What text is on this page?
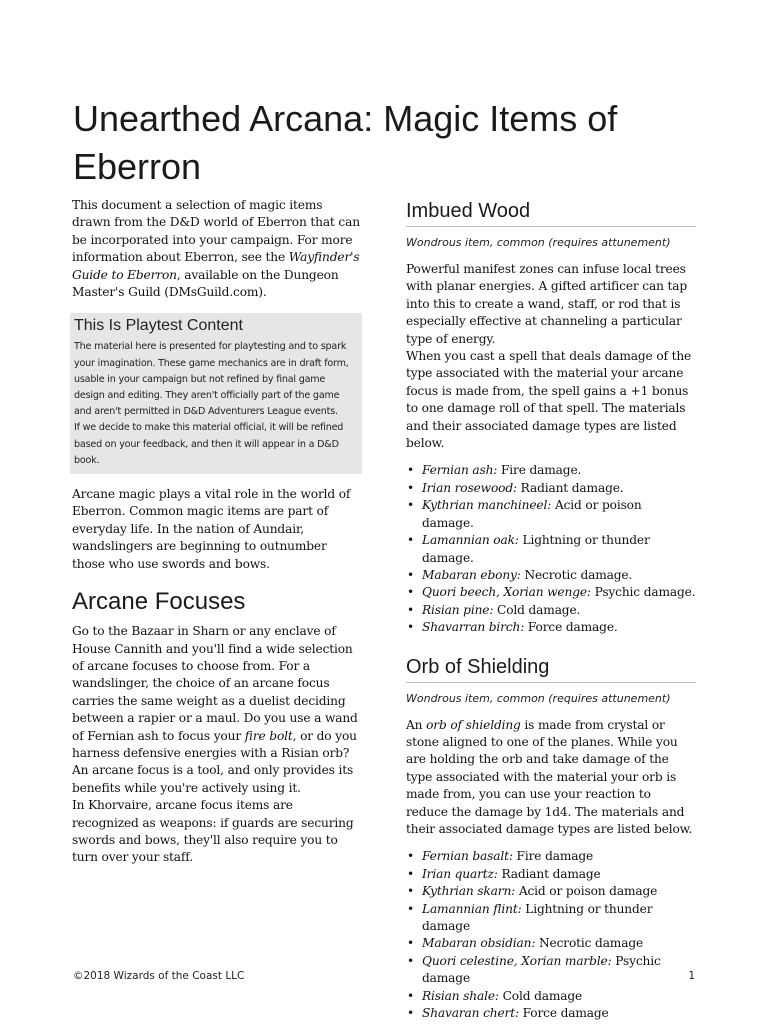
Unearthed Arcana: Magic Items of Eberron

This document a selection of magic items drawn from the D&D world of Eberron that can be incorporated into your campaign. For more information about Eberron, see the Wayfinder's Guide to Eberron, available on the Dungeon Master's Guild (DMsGuild.com).

This Is Playtest Content

The material here is presented for playtesting and to spark your imagination. These game mechanics are in draft form, usable in your campaign but not refined by final game design and editing. They aren't officially part of the game and aren't permitted in D&D Adventurers League events.

If we decide to make this material official, it will be refined based on your feedback, and then it will appear in a D&D book.

Arcane magic plays a vital role in the world of Eberron. Common magic items are part of everyday life. In the nation of Aundair, wandslingers are beginning to outnumber those who use swords and bows.

Arcane Focuses

Go to the Bazaar in Sharn or any enclave of House Cannith and you'll find a wide selection of arcane focuses to choose from. For a wandslinger, the choice of an arcane focus carries the same weight as a duelist deciding between a rapier or a maul. Do you use a wand of Fernian ash to focus your fire bolt, or do you harness defensive energies with a Risian orb? An arcane focus is a tool, and only provides its benefits while you're actively using it.

In Khorvaire, arcane focus items are recognized as weapons: if guards are securing swords and bows, they'll also require you to turn over your staff.

Imbued Wood

Wondrous item, common (requires attunement)

Powerful manifest zones can infuse local trees with planar energies. A gifted artificer can tap into this to create a wand, staff, or rod that is especially effective at channeling a particular type of energy.

When you cast a spell that deals damage of the type associated with the material your arcane focus is made from, the spell gains a +1 bonus to one damage roll of that spell. The materials and their associated damage types are listed below.

• Fernian ash: Fire damage.
• Irian rosewood: Radiant damage.
• Kythrian manchineel: Acid or poison damage.
• Lamannian oak: Lightning or thunder damage.
• Mabaran ebony: Necrotic damage.
• Quori beech, Xorian wenge: Psychic damage.
• Risian pine: Cold damage.
• Shavarran birch: Force damage.
Orb of Shielding

Wondrous item, common (requires attunement)

An orb of shielding is made from crystal or stone aligned to one of the planes. While you are holding the orb and take damage of the type associated with the material your orb is made from, you can use your reaction to reduce the damage by 1d4. The materials and their associated damage types are listed below.

• Fernian basalt: Fire damage
• Irian quartz: Radiant damage
• Kythrian skarn: Acid or poison damage
• Lamannian flint: Lightning or thunder damage
• Mabaran obsidian: Necrotic damage
• Quori celestine, Xorian marble: Psychic damage
• Risian shale: Cold damage
• Shavaran chert: Force damage
©2018 Wizards of the Coast LLC	1
